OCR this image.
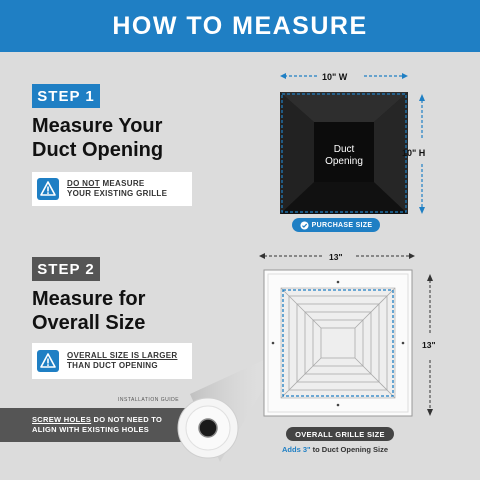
HOW TO MEASURE
STEP 1
Measure Your
Duct Opening
DO NOT MEASURE
YOUR EXISTING GRILLE
STEP 2
Measure for
Overall Size
OVERALL SIZE IS LARGER
THAN DUCT OPENING
INSTALLATION GUIDE
SCREW HOLES DO NOT NEED TO
ALIGN WITH EXISTING HOLES
10" W
10" H
Duct
Opening
PURCHASE SIZE
13"
13"
OVERALL GRILLE SIZE
Adds 3" to Duct Opening Size
